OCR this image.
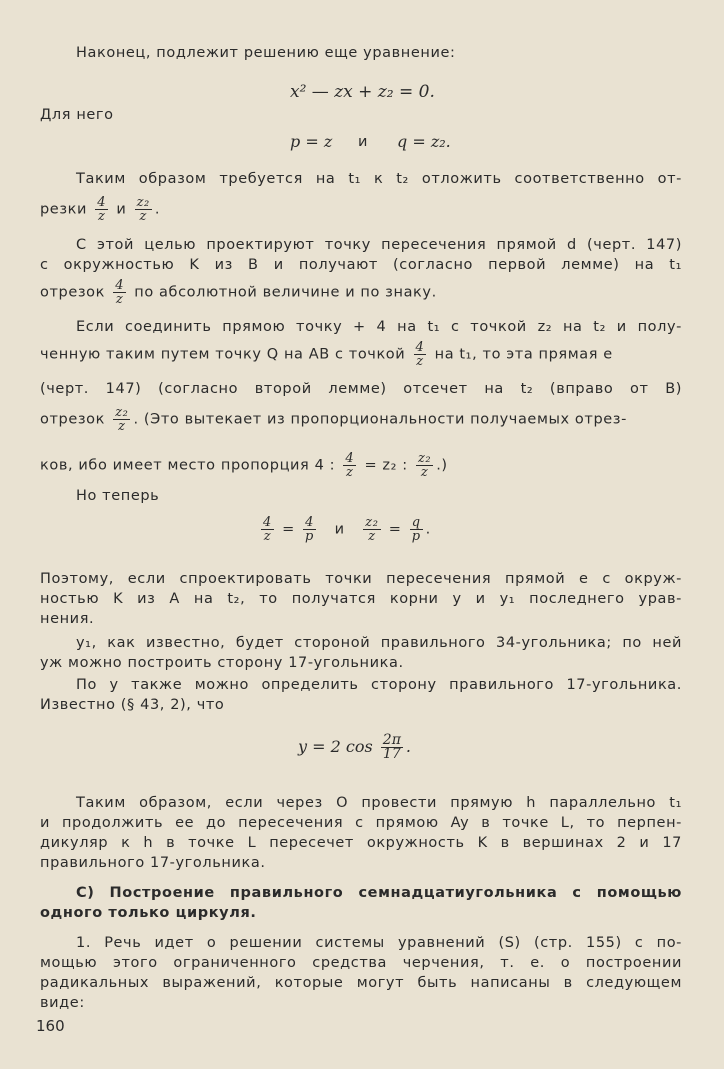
Наконец, подлежит решению еще уравнение:
x² — zx + z₂ = 0.
Для него
p = z и q = z₂.
Таким образом требуется на t₁ к t₂ отложить соответственно от-
резки $\frac{4}{z}$ и $\frac{\text{z₂}}{z}$ .
С этой целью проектируют точку пересечения прямой d (черт. 147)
с окружностью K из B и получают (согласно первой лемме) на t₁
отрезок $\frac{4}{z}$ по абсолютной величине и по знаку.
Если соединить прямою точку + 4 на t₁ с точкой z₂ на t₂ и полу-
ченную таким путем точку Q на AB с точкой $\frac{4}{z}$ на t₁, то эта прямая e
(черт. 147) (согласно второй лемме) отсечет на t₂ (вправо от B)
отрезок $\frac{\text{z₂}}{z}$ . (Это вытекает из пропорциональности получаемых отрез-
ков, ибо имеет место пропорция 4 : $\frac{4}{z} = z_2$ : $\frac{\text{z₂}}{z}$ .)
Но теперь
$\frac{4}{z} = \frac{4}{p}$ и $\frac{\text{z₂}}{z} = \frac{q}{p}$ .
Поэтому, если спроектировать точки пересечения прямой e с окруж-
ностью K из A на t₂, то получатся корни y и y₁ последнего урав-
нения.
y₁, как известно, будет стороной правильного 34-угольника; по ней
уж можно построить сторону 17-угольника.
По y также можно определить сторону правильного 17-угольника.
Известно (§ 43, 2), что
y = 2 $\cos \frac{2\pi}{17}$ .
Таким образом, если через O провести прямую h параллельно t₁
и продолжить ее до пересечения с прямою Ay в точке L, то перпен-
дикуляр к h в точке L пересечет окружность K в вершинах 2 и 17
правильного 17-угольника.
С) Построение правильного семнадцатиугольника с помощью
одного только циркуля.
1. Речь идет о решении системы уравнений (S) (стр. 155) с по-
мощью этого ограниченного средства черчения, т. е. о построении
радикальных выражений, которые могут быть написаны в следующем
виде:
160
